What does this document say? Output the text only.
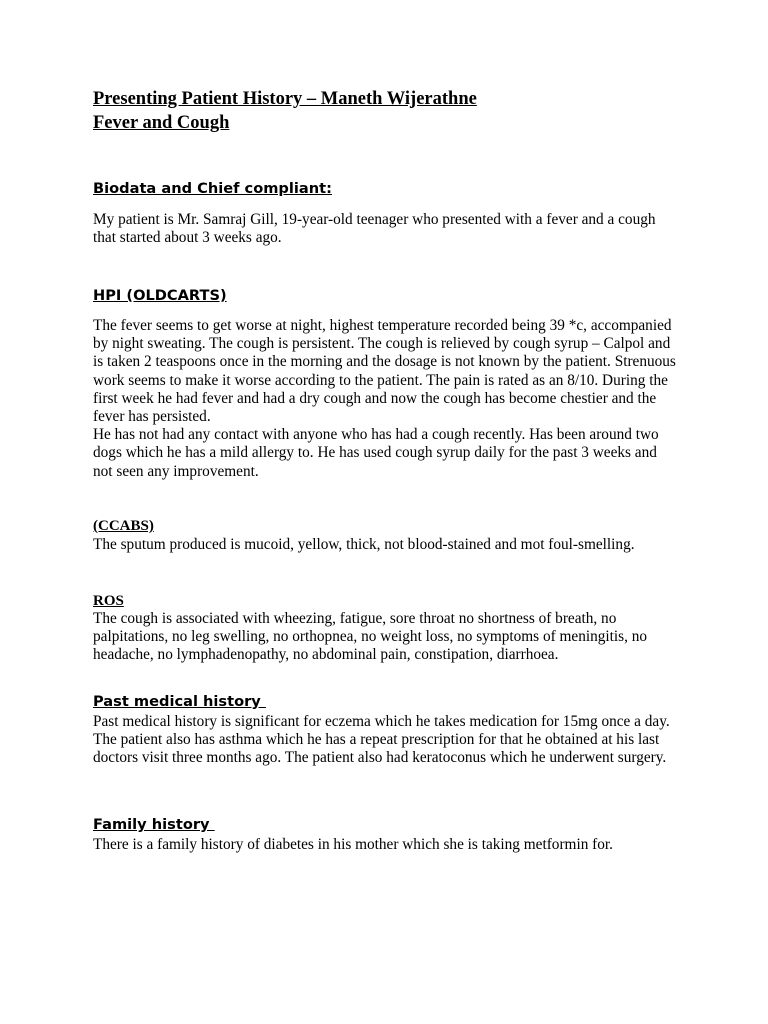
Presenting Patient History – Maneth Wijerathne
Fever and Cough
Biodata and Chief compliant:

My patient is Mr. Samraj Gill, 19-year-old teenager who presented with a fever and a cough that started about 3 weeks ago.

HPI (OLDCARTS)

The fever seems to get worse at night, highest temperature recorded being 39 *c, accompanied by night sweating. The cough is persistent. The cough is relieved by cough syrup – Calpol and is taken 2 teaspoons once in the morning and the dosage is not known by the patient. Strenuous work seems to make it worse according to the patient. The pain is rated as an 8/10. During the first week he had fever and had a dry cough and now the cough has become chestier and the fever has persisted.

He has not had any contact with anyone who has had a cough recently. Has been around two dogs which he has a mild allergy to. He has used cough syrup daily for the past 3 weeks and not seen any improvement.

(CCABS)

The sputum produced is mucoid, yellow, thick, not blood-stained and mot foul-smelling.

ROS

The cough is associated with wheezing, fatigue, sore throat no shortness of breath, no palpitations, no leg swelling, no orthopnea, no weight loss, no symptoms of meningitis, no headache, no lymphadenopathy, no abdominal pain, constipation, diarrhoea.

Past medical history

Past medical history is significant for eczema which he takes medication for 15mg once a day. The patient also has asthma which he has a repeat prescription for that he obtained at his last doctors visit three months ago. The patient also had keratoconus which he underwent surgery.

Family history

There is a family history of diabetes in his mother which she is taking metformin for.
